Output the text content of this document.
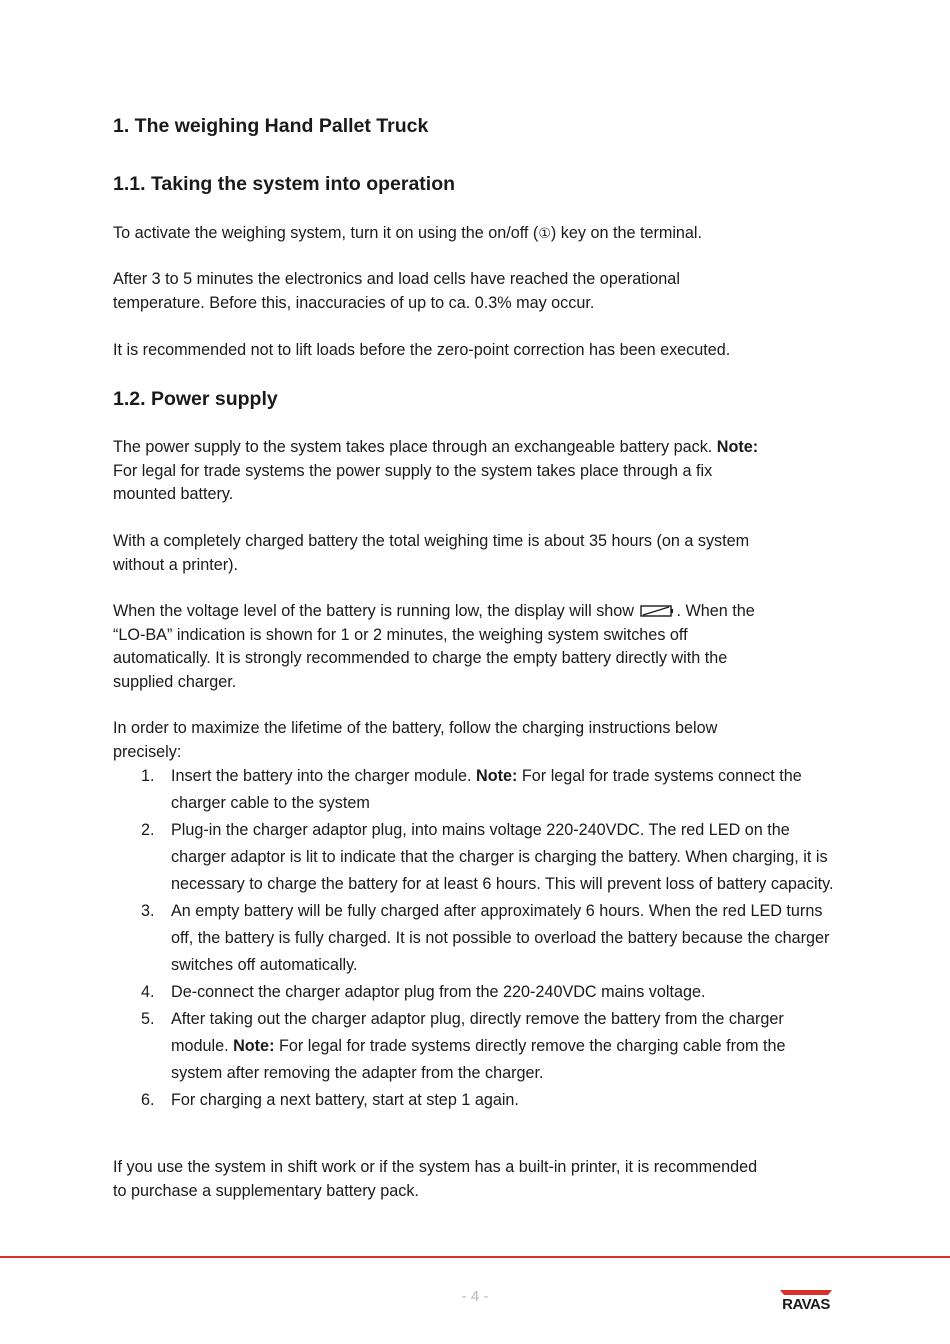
1. The weighing Hand Pallet Truck
1.1. Taking the system into operation

To activate the weighing system, turn it on using the on/off (①) key on the terminal.

After 3 to 5 minutes the electronics and load cells have reached the operational
temperature. Before this, inaccuracies of up to ca. 0.3% may occur.

It is recommended not to lift loads before the zero-point correction has been executed.

1.2. Power supply

The power supply to the system takes place through an exchangeable battery pack. Note:
For legal for trade systems the power supply to the system takes place through a fix
mounted battery.

With a completely charged battery the total weighing time is about 35 hours (on a system
without a printer).

When the voltage level of the battery is running low, the display will show . When the
“LO-BA” indication is shown for 1 or 2 minutes, the weighing system switches off
automatically. It is strongly recommended to charge the empty battery directly with the
supplied charger.

In order to maximize the lifetime of the battery, follow the charging instructions below
precisely:

1. Insert the battery into the charger module. Note: For legal for trade systems connect the charger cable to the system
2. Plug-in the charger adaptor plug, into mains voltage 220-240VDC. The red LED on the charger adaptor is lit to indicate that the charger is charging the battery. When charging, it is necessary to charge the battery for at least 6 hours. This will prevent loss of battery capacity.
3. An empty battery will be fully charged after approximately 6 hours. When the red LED turns off, the battery is fully charged. It is not possible to overload the battery because the charger switches off automatically.
4. De-connect the charger adaptor plug from the 220-240VDC mains voltage.
5. After taking out the charger adaptor plug, directly remove the battery from the charger module. Note: For legal for trade systems directly remove the charging cable from the system after removing the adapter from the charger.
6. For charging a next battery, start at step 1 again.

If you use the system in shift work or if the system has a built-in printer, it is recommended
to purchase a supplementary battery pack.

- 4 -	RAVAS
